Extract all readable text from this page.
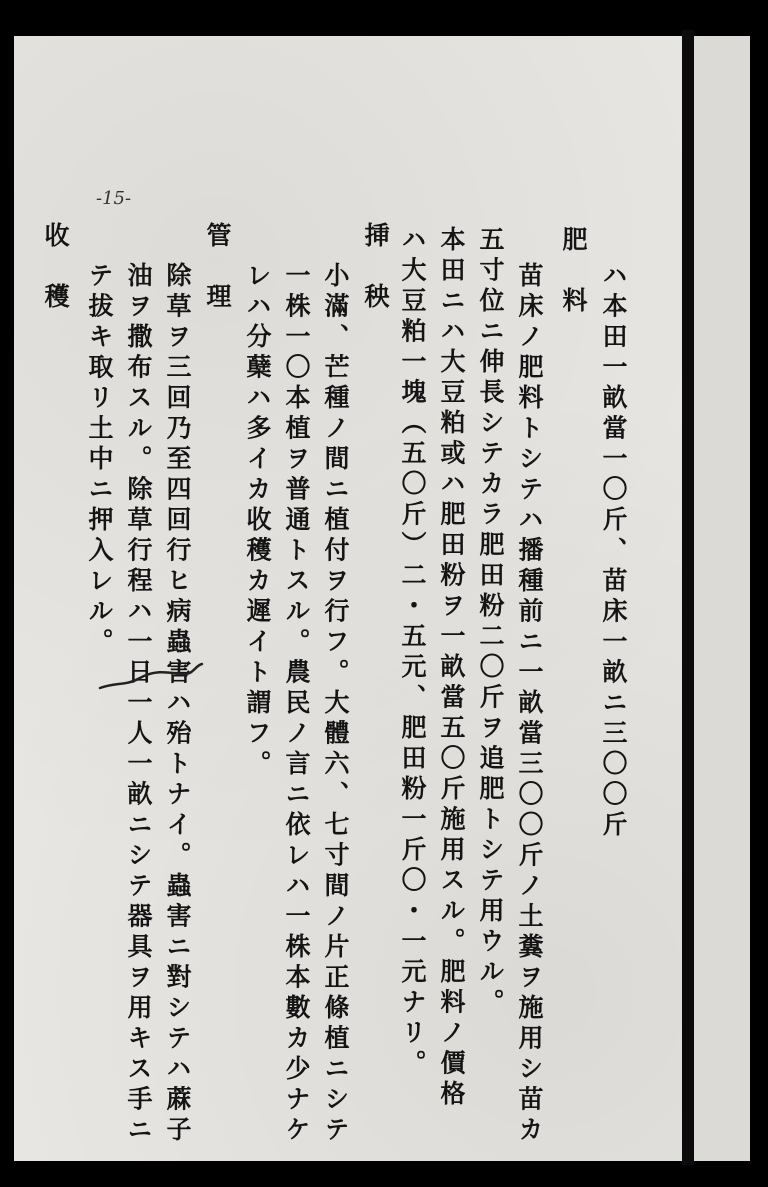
-15-
ハ本田一畝當一〇斤、苗床一畝ニ三〇〇斤
肥　料
苗床ノ肥料トシテハ播種前ニ一畝當三〇〇斤ノ土糞ヲ施用シ苗カ
五寸位ニ伸長シテカラ肥田粉二〇斤ヲ追肥トシテ用ウル。
本田ニハ大豆粕或ハ肥田粉ヲ一畝當五〇斤施用スル。肥料ノ價格
ハ大豆粕一塊（五〇斤）二・五元、肥田粉一斤〇・一元ナリ。
挿　秧
小滿、芒種ノ間ニ植付ヲ行フ。大體六、七寸間ノ片正條植ニシテ
一株一〇本植ヲ普通トスル。農民ノ言ニ依レハ一株本數カ少ナケ
レハ分蘖ハ多イカ收穫カ遲イト謂フ。
管　理
除草ヲ三回乃至四回行ヒ病蟲害ハ殆トナイ。蟲害ニ對シテハ蔴子
油ヲ撒布スル。除草行程ハ一日一人一畝ニシテ器具ヲ用キス手ニ
テ拔キ取リ土中ニ押入レル。
收　穫
